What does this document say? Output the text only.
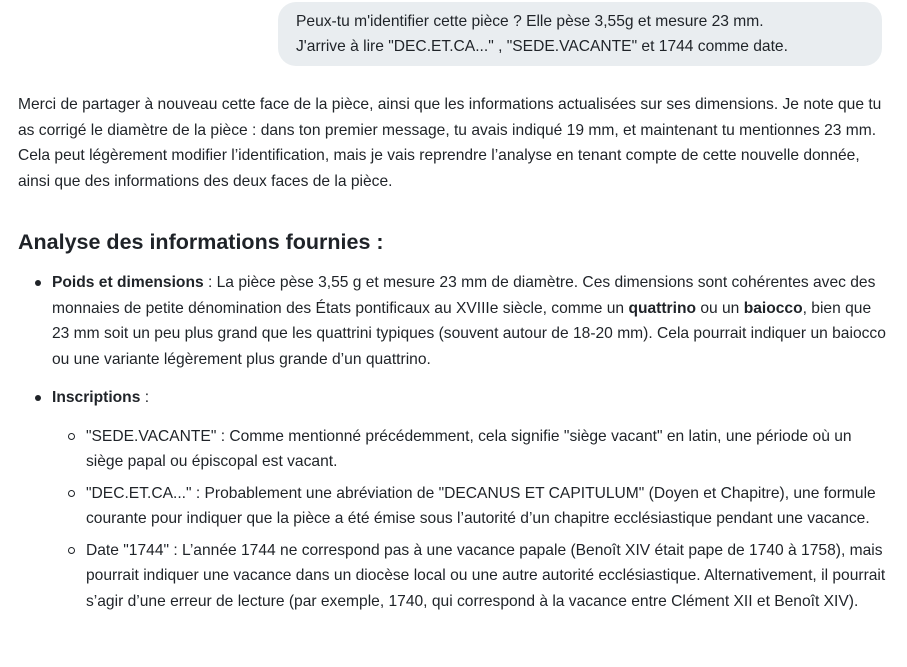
Peux-tu m'identifier cette pièce ? Elle pèse 3,55g et mesure 23 mm.
J'arrive à lire "DEC.ET.CA..." , "SEDE.VACANTE" et 1744 comme date.

Merci de partager à nouveau cette face de la pièce, ainsi que les informations actualisées sur ses dimensions. Je note que tu as corrigé le diamètre de la pièce : dans ton premier message, tu avais indiqué 19 mm, et maintenant tu mentionnes 23 mm. Cela peut légèrement modifier l’identification, mais je vais reprendre l’analyse en tenant compte de cette nouvelle donnée, ainsi que des informations des deux faces de la pièce.

Analyse des informations fournies :
Poids et dimensions : La pièce pèse 3,55 g et mesure 23 mm de diamètre. Ces dimensions sont cohérentes avec des monnaies de petite dénomination des États pontificaux au XVIIIe siècle, comme un quattrino ou un baiocco, bien que 23 mm soit un peu plus grand que les quattrini typiques (souvent autour de 18-20 mm). Cela pourrait indiquer un baiocco ou une variante légèrement plus grande d’un quattrino.
Inscriptions :
"SEDE.VACANTE" : Comme mentionné précédemment, cela signifie "siège vacant" en latin, une période où un siège papal ou épiscopal est vacant.
"DEC.ET.CA..." : Probablement une abréviation de "DECANUS ET CAPITULUM" (Doyen et Chapitre), une formule courante pour indiquer que la pièce a été émise sous l’autorité d’un chapitre ecclésiastique pendant une vacance.
Date "1744" : L’année 1744 ne correspond pas à une vacance papale (Benoît XIV était pape de 1740 à 1758), mais pourrait indiquer une vacance dans un diocèse local ou une autre autorité ecclésiastique. Alternativement, il pourrait s’agir d’une erreur de lecture (par exemple, 1740, qui correspond à la vacance entre Clément XII et Benoît XIV).
